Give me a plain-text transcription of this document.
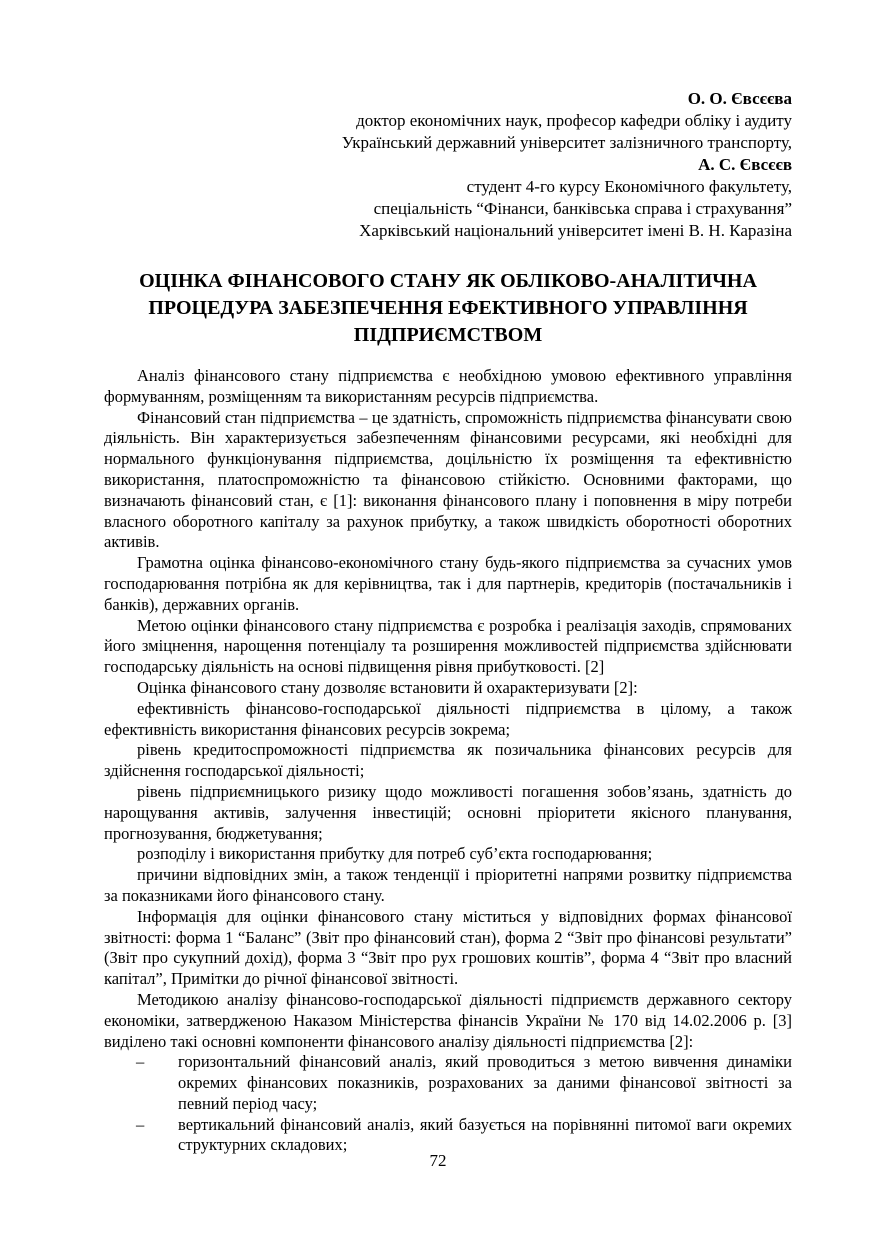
О. О. Євсєєва

доктор економічних наук, професор кафедри обліку і аудиту

Український державний університет залізничного транспорту,

А. С. Євсєєв

студент 4-го курсу Економічного факультету,

спеціальність “Фінанси, банківська справа і страхування”

Харківський національний університет імені В. Н. Каразіна

ОЦІНКА ФІНАНСОВОГО СТАНУ ЯК ОБЛІКОВО-АНАЛІТИЧНА ПРОЦЕДУРА ЗАБЕЗПЕЧЕННЯ ЕФЕКТИВНОГО УПРАВЛІННЯ ПІДПРИЄМСТВОМ

Аналіз фінансового стану підприємства є необхідною умовою ефективного управління формуванням, розміщенням та використанням ресурсів підприємства.

Фінансовий стан підприємства – це здатність, спроможність підприємства фінансувати свою діяльність. Він характеризується забезпеченням фінансовими ресурсами, які необхідні для нормального функціонування підприємства, доцільністю їх розміщення та ефективністю використання, платоспроможністю та фінансовою стійкістю. Основними факторами, що визначають фінансовий стан, є [1]: виконання фінансового плану і поповнення в міру потреби власного оборотного капіталу за рахунок прибутку, а також швидкість оборотності оборотних активів.

Грамотна оцінка фінансово-економічного стану будь-якого підприємства за сучасних умов господарювання потрібна як для керівництва, так і для партнерів, кредиторів (постачальників і банків), державних органів.

Метою оцінки фінансового стану підприємства є розробка і реалізація заходів, спрямованих його зміцнення, нарощення потенціалу та розширення можливостей підприємства здійснювати господарську діяльність на основі підвищення рівня прибутковості. [2]

Оцінка фінансового стану дозволяє встановити й охарактеризувати [2]:

ефективність фінансово-господарської діяльності підприємства в цілому, а також ефективність використання фінансових ресурсів зокрема;

рівень кредитоспроможності підприємства як позичальника фінансових ресурсів для здійснення господарської діяльності;

рівень підприємницького ризику щодо можливості погашення зобов’язань, здатність до нарощування активів, залучення інвестицій; основні пріоритети якісного планування, прогнозування, бюджетування;

розподілу і використання прибутку для потреб суб’єкта господарювання;

причини відповідних змін, а також тенденції і пріоритетні напрями розвитку підприємства за показниками його фінансового стану.

Інформація для оцінки фінансового стану міститься у відповідних формах фінансової звітності: форма 1 “Баланс” (Звіт про фінансовий стан), форма 2 “Звіт про фінансові результати” (Звіт про сукупний дохід), форма 3 “Звіт про рух грошових коштів”, форма 4 “Звіт про власний капітал”, Примітки до річної фінансової звітності.

Методикою аналізу фінансово-господарської діяльності підприємств державного сектору економіки, затвердженою Наказом Міністерства фінансів України № 170 від 14.02.2006 р. [3] виділено такі основні компоненти фінансового аналізу діяльності підприємства [2]:

– горизонтальний фінансовий аналіз, який проводиться з метою вивчення динаміки окремих фінансових показників, розрахованих за даними фінансової звітності за певний період часу;
– вертикальний фінансовий аналіз, який базується на порівнянні питомої ваги окремих структурних складових;
72
